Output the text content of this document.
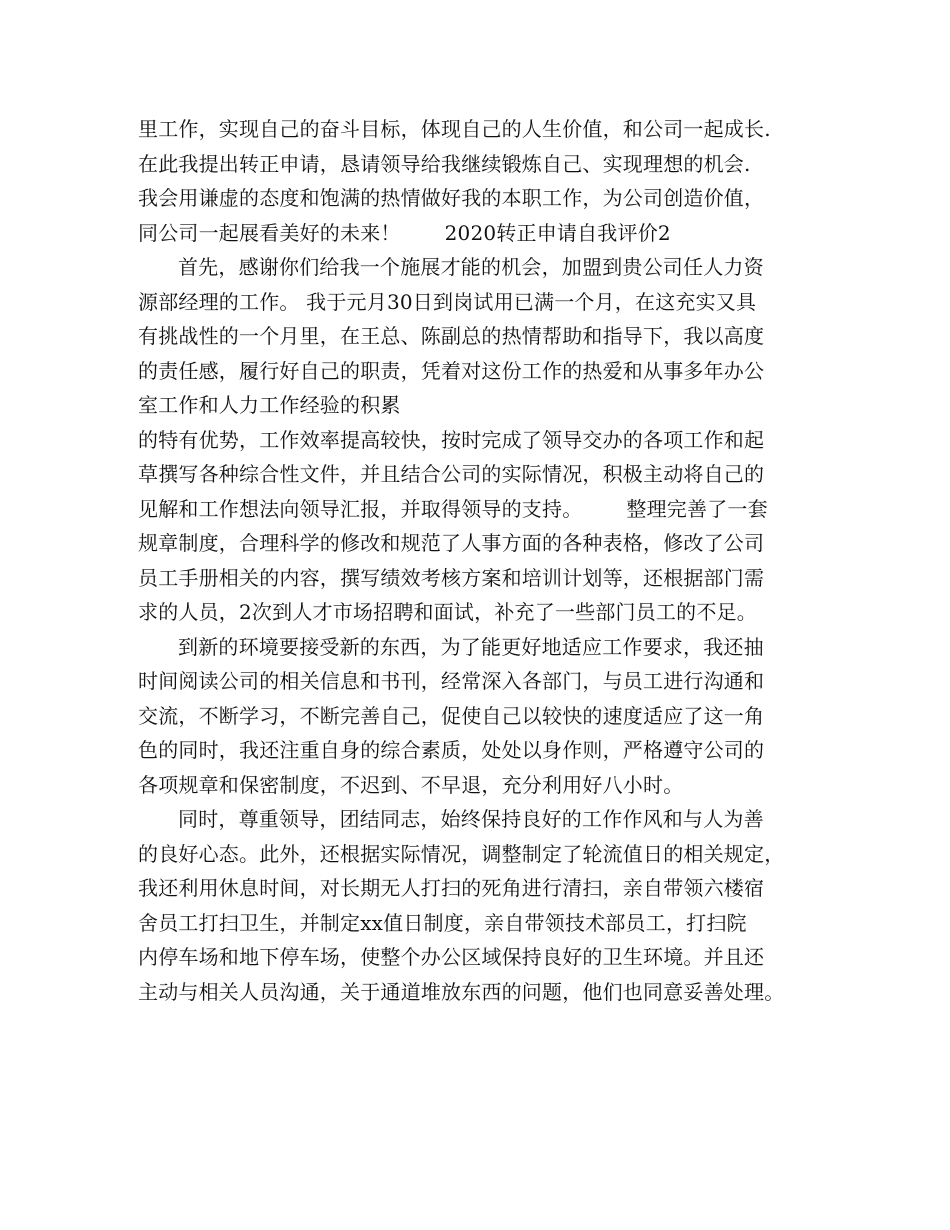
里工作，实现自己的奋斗目标，体现自己的人生价值，和公司一起成长.
在此我提出转正申请，恳请领导给我继续锻炼自己、实现理想的机会.
我会用谦虚的态度和饱满的热情做好我的本职工作，为公司创造价值，
同公司一起展看美好的未来！ 2020转正申请自我评价2
首先，感谢你们给我一个施展才能的机会，加盟到贵公司任人力资
源部经理的工作。 我于元月30日到岗试用已满一个月，在这充实又具
有挑战性的一个月里，在王总、陈副总的热情帮助和指导下，我以高度
的责任感，履行好自己的职责，凭着对这份工作的热爱和从事多年办公
室工作和人力工作经验的积累
的特有优势，工作效率提高较快，按时完成了领导交办的各项工作和起
草撰写各种综合性文件，并且结合公司的实际情况，积极主动将自己的
见解和工作想法向领导汇报，并取得领导的支持。 整理完善了一套
规章制度，合理科学的修改和规范了人事方面的各种表格，修改了公司
员工手册相关的内容，撰写绩效考核方案和培训计划等，还根据部门需
求的人员，2次到人才市场招聘和面试，补充了一些部门员工的不足。
到新的环境要接受新的东西，为了能更好地适应工作要求，我还抽
时间阅读公司的相关信息和书刊，经常深入各部门，与员工进行沟通和
交流，不断学习，不断完善自己，促使自己以较快的速度适应了这一角
色的同时，我还注重自身的综合素质，处处以身作则，严格遵守公司的
各项规章和保密制度，不迟到、不早退，充分利用好八小时。
同时，尊重领导，团结同志，始终保持良好的工作作风和与人为善
的良好心态。此外，还根据实际情况，调整制定了轮流值日的相关规定，
我还利用休息时间，对长期无人打扫的死角进行清扫，亲自带领六楼宿
舍员工打扫卫生，并制定xx值日制度，亲自带领技术部员工，打扫院
内停车场和地下停车场，使整个办公区域保持良好的卫生环境。并且还
主动与相关人员沟通，关于通道堆放东西的问题，他们也同意妥善处理。
